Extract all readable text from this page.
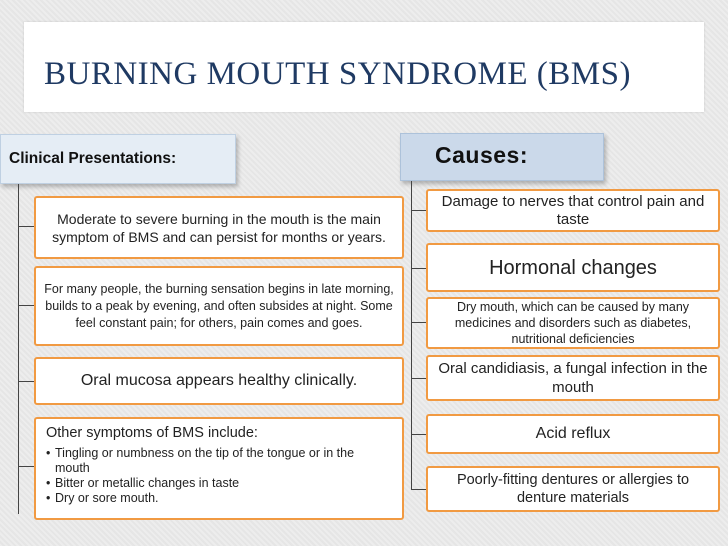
BURNING MOUTH SYNDROME (BMS)
Clinical Presentations:
Moderate to severe burning in the mouth is the main symptom of BMS and can persist for months or years.
For many people, the burning sensation begins in late morning, builds to a peak by evening, and often subsides at night. Some feel constant pain; for others, pain comes and goes.
Oral mucosa appears healthy clinically.
Other symptoms of BMS include:
• Tingling or numbness on the tip of the tongue or in the mouth
• Bitter or metallic changes in taste
• Dry or sore mouth.
Causes:
Damage to nerves that control pain and taste
Hormonal changes
Dry mouth, which can be caused by many medicines and disorders such as diabetes, nutritional deficiencies
Oral candidiasis, a fungal infection in the mouth
Acid reflux
Poorly-fitting dentures or allergies to denture materials
